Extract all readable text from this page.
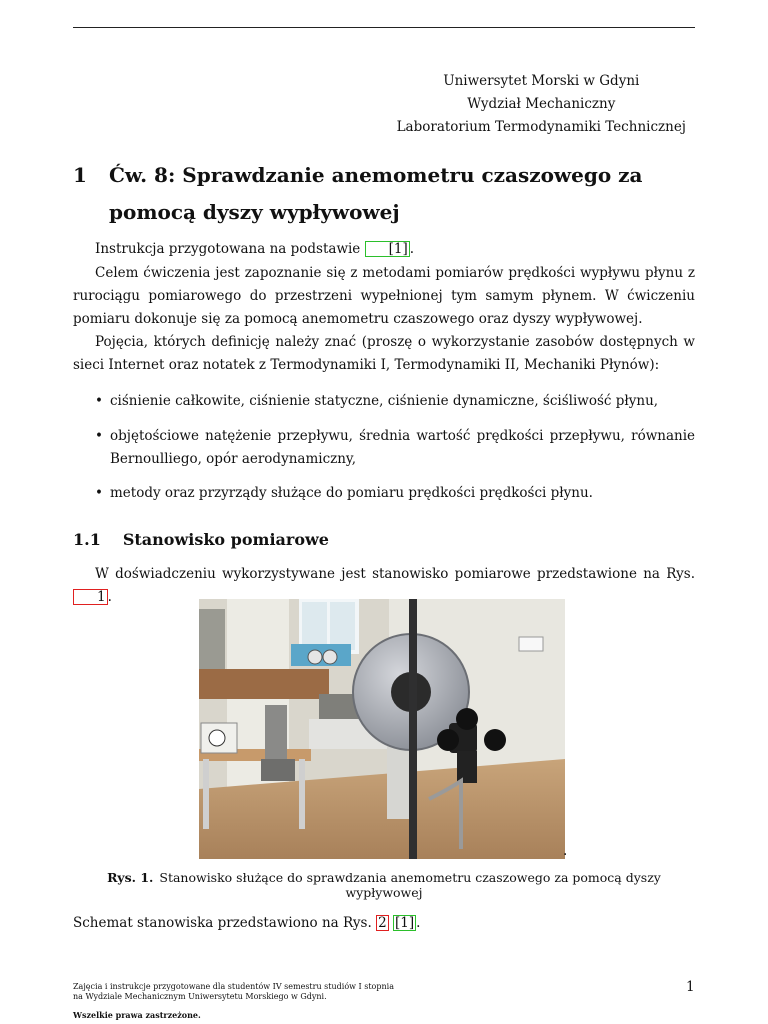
Uniwersytet Morski w Gdyni
Wydział Mechaniczny
Laboratorium Termodynamiki Technicznej
1 Ćw. 8: Sprawdzanie anemometru czaszowego za
pomocą dyszy wypływowej
Instrukcja przygotowana na podstawie [1] .
Celem ćwiczenia jest zapoznanie się z metodami pomiarów prędkości wypływu płynu z rurociągu pomiarowego do przestrzeni wypełnionej tym samym płynem. W ćwiczeniu pomiaru dokonuje się za pomocą anemometru czaszowego oraz dyszy wypływowej.
Pojęcia, których definicję należy znać (proszę o wykorzystanie zasobów dostępnych w sieci Internet oraz notatek z Termodynamiki I, Termodynamiki II, Mechaniki Płynów):
• ciśnienie całkowite, ciśnienie statyczne, ciśnienie dynamiczne, ściśliwość płynu,
• objętościowe natężenie przepływu, średnia wartość prędkości przepływu, równanie Bernoulliego, opór aerodynamiczny,
• metody oraz przyrządy służące do pomiaru prędkości prędkości płynu.
1.1 Stanowisko pomiarowe
W doświadczeniu wykorzystywane jest stanowisko pomiarowe przedstawione na Rys.1 .
.
Rys. 1. Stanowisko służące do sprawdzania anemometru czaszowego za pomocą dyszy wypływowej
Schemat stanowiska przedstawiono na Rys. 2 [1] .
Zajęcia i instrukcje przygotowane dla studentów IV semestru studiów I stopnia
na Wydziale Mechanicznym Uniwersytetu Morskiego w Gdyni.
Wszelkie prawa zastrzeżone.
1
